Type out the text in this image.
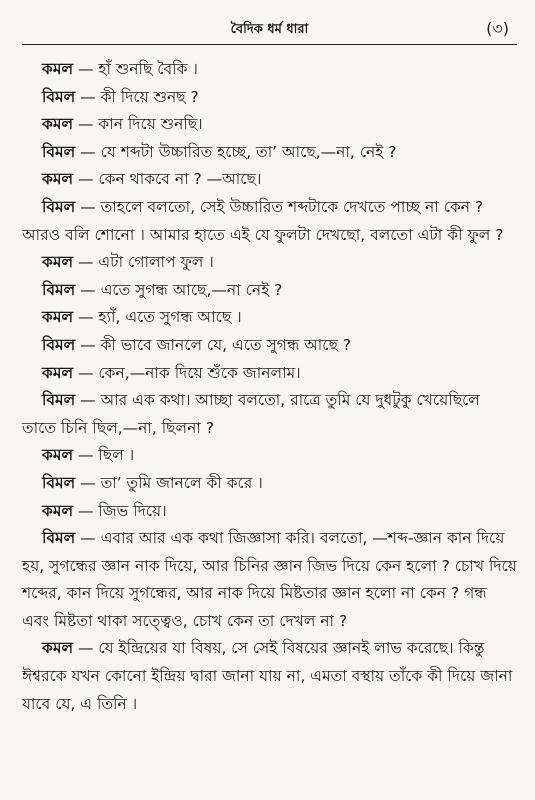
বৈদিক ধর্ম ধারা	(৩)

কমল — হাঁ শুনছি বৈকি ।

বিমল — কী দিয়ে শুনছ ?

কমল — কান দিয়ে শুনছি।

বিমল — যে শব্দটা উচ্চারিত হচ্ছে, তা’ আছে,—না, নেই ?

কমল — কেন থাকবে না ? —আছে।

বিমল — তাহলে বলতো, সেই উচ্চারিত শব্দটাকে দেখতে পাচ্ছ না কেন ? আরও বলি শোনো । আমার হাতে এই যে ফুলটা দেখছো, বলতো এটা কী ফুল ?

কমল — এটা গোলাপ ফুল ।

বিমল — এতে সুগন্ধ আছে,—না নেই ?

কমল — হ্যাঁ, এতে সুগন্ধ আছে ।

বিমল — কী ভাবে জানলে যে, এতে সুগন্ধ আছে ?

কমল — কেন,—নাক দিয়ে শুঁকে জানলাম।

বিমল — আর এক কথা। আচ্ছা বলতো, রাত্রে তুমি যে দুধটুকু খেয়েছিলে তাতে চিনি ছিল,—না, ছিলনা ?

কমল — ছিল ।

বিমল — তা’ তুমি জানলে কী করে ।

কমল — জিভ দিয়ে।

বিমল — এবার আর এক কথা জিজ্ঞাসা করি। বলতো, —শব্দ-জ্ঞান কান দিয়ে হয়, সুগন্ধের জ্ঞান নাক দিয়ে, আর চিনির জ্ঞান জিভ দিয়ে কেন হলো ? চোখ দিয়ে শব্দের, কান দিয়ে সুগন্ধের, আর নাক দিয়ে মিষ্টতার জ্ঞান হলো না কেন ? গন্ধ এবং মিষ্টতা থাকা সত্ত্বেও, চোখ কেন তা দেখল না ?

কমল — যে ইন্দ্রিয়ের যা বিষয়, সে সেই বিষয়ের জ্ঞানই লাভ করেছে। কিন্তু ঈশ্বরকে যখন কোনো ইন্দ্রিয় দ্বারা জানা যায় না, এমতা বস্থায় তাঁকে কী দিয়ে জানা যাবে যে, এ তিনি ।
